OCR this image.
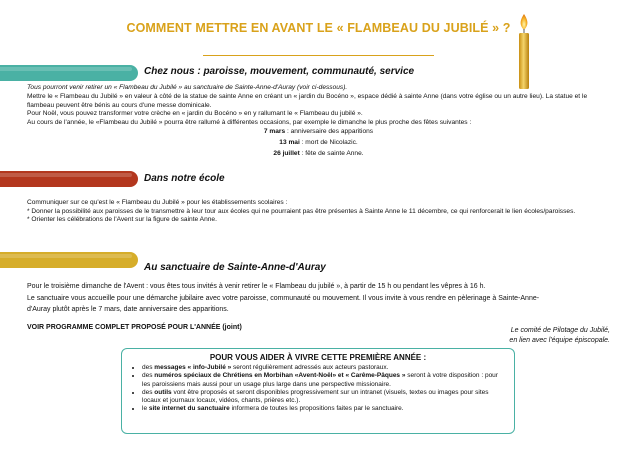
COMMENT METTRE EN AVANT LE « FLAMBEAU DU JUBILÉ » ?
Chez nous : paroisse, mouvement, communauté, service
Tous pourront venir retirer un « Flambeau du Jubilé » au sanctuaire de Sainte-Anne-d'Auray (voir ci-dessous).
Mettre le « Flambeau du Jubilé » en valeur à côté de la statue de sainte Anne en créant un « jardin du Bocéno », espace dédié à sainte Anne (dans votre église ou un autre lieu). La statue et le
flambeau peuvent être bénis au cours d'une messe dominicale.
Pour Noël, vous pouvez transformer votre crèche en « jardin du Bocéno » en y rallumant le « Flambeau du jubilé ».
Au cours de l'année, le «Flambeau du Jubilé » pourra être rallumé à différentes occasions, par exemple le dimanche le plus proche des fêtes suivantes :
7 mars : anniversaire des apparitions
13 mai : mort de Nicolazic.
26 juillet : fête de sainte Anne.
Dans notre école
Communiquer sur ce qu'est le « Flambeau du Jubilé » pour les établissements scolaires :
* Donner la possibilité aux paroisses de le transmettre à leur tour aux écoles qui ne pourraient pas être présentes à Sainte Anne le 11 décembre, ce qui renforcerait le lien écoles/paroisses.
* Orienter les célébrations de l'Avent sur la figure de sainte Anne.
Au sanctuaire de Sainte-Anne-d'Auray
Pour le troisième dimanche de l'Avent : vous êtes tous invités à venir retirer le « Flambeau du jubilé », à partir de 15 h ou pendant les vêpres à 16 h.
Le sanctuaire vous accueille pour une démarche jubilaire avec votre paroisse, communauté ou mouvement. Il vous invite à vous rendre en pèlerinage à Sainte-Anne-
d'Auray plutôt après le 7 mars, date anniversaire des apparitions.
VOIR PROGRAMME COMPLET PROPOSÉ POUR L'ANNÉE (joint)	Le comité de Pilotage du Jubilé,
en lien avec l'équipe épiscopale.
POUR VOUS AIDER À VIVRE CETTE PREMIÈRE ANNÉE :
• des messages « info-Jubilé » seront régulièrement adressés aux acteurs pastoraux.
• des numéros spéciaux de Chrétiens en Morbihan «Avent-Noël» et « Carême-Pâques » seront à votre disposition : pour les paroissiens mais aussi pour un usage plus large dans une perspective missionaire.
• des outils vont être proposés et seront disponibles progressivement sur un intranet (visuels, textes ou images pour sites locaux et journaux locaux, vidéos, chants, prières etc.).
• le site internet du sanctuaire informera de toutes les propositions faites par le sanctuaire.
